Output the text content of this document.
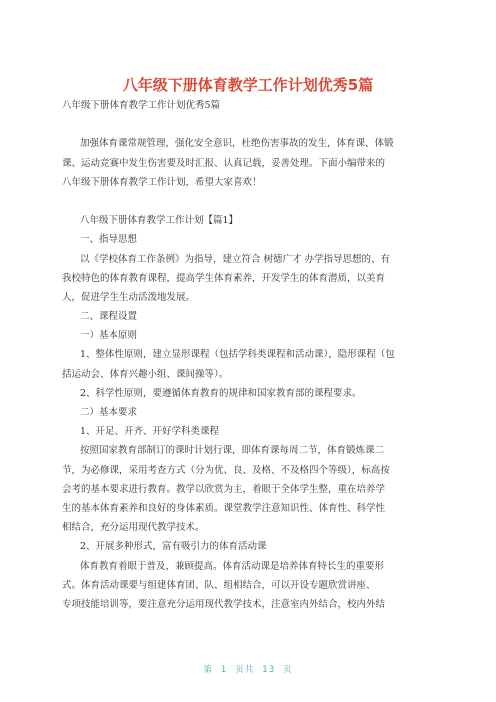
八年级下册体育教学工作计划优秀5篇
八年级下册体育教学工作计划优秀5篇
加强体育课常规管理，强化安全意识，杜绝伤害事故的发生，体育课、体锻
课、运动竞赛中发生伤害要及时汇报、认真记载，妥善处理。下面小编带来的
八年级下册体育教学工作计划，希望大家喜欢！
八年级下册体育教学工作计划【篇1】
一、指导思想
以《学校体育工作条例》为指导，建立符合 树德广才 办学指导思想的、有
我校特色的体育教育课程，提高学生体育素养，开发学生的体育潜质，以美育
人，促进学生生动活泼地发展。
二、课程设置
一）基本原则
1、整体性原则，建立显形课程（包括学科类课程和活动课），隐形课程（包
括运动会、体育兴趣小组、课间操等）。
2、科学性原则，要遵循体育教育的规律和国家教育部的课程要求。
二）基本要求
1、开足、开齐、开好学科类课程
按照国家教育部制订的课时计划行课，即体育课每周二节，体育锻炼课二
节，为必修课，采用考查方式（分为优、良、及格、不及格四个等级），标高按
会考的基本要求进行教育。教学以欣赏为主，着眼于全体学生整，重在培养学
生的基本体育素养和良好的身体素质。课堂教学注意知识性、体育性、科学性
相结合，充分运用现代教学技术。
2、开展多种形式，富有吸引力的体育活动课
体育教育着眼于普及，兼顾提高。体育活动课是培养体育特长生的重要形
式。体育活动课要与组建体育团、队、组相结合，可以开设专题欣赏讲座、
专项技能培训等，要注意充分运用现代教学技术，注意室内外结合，校内外结
第 1 页共 13 页
